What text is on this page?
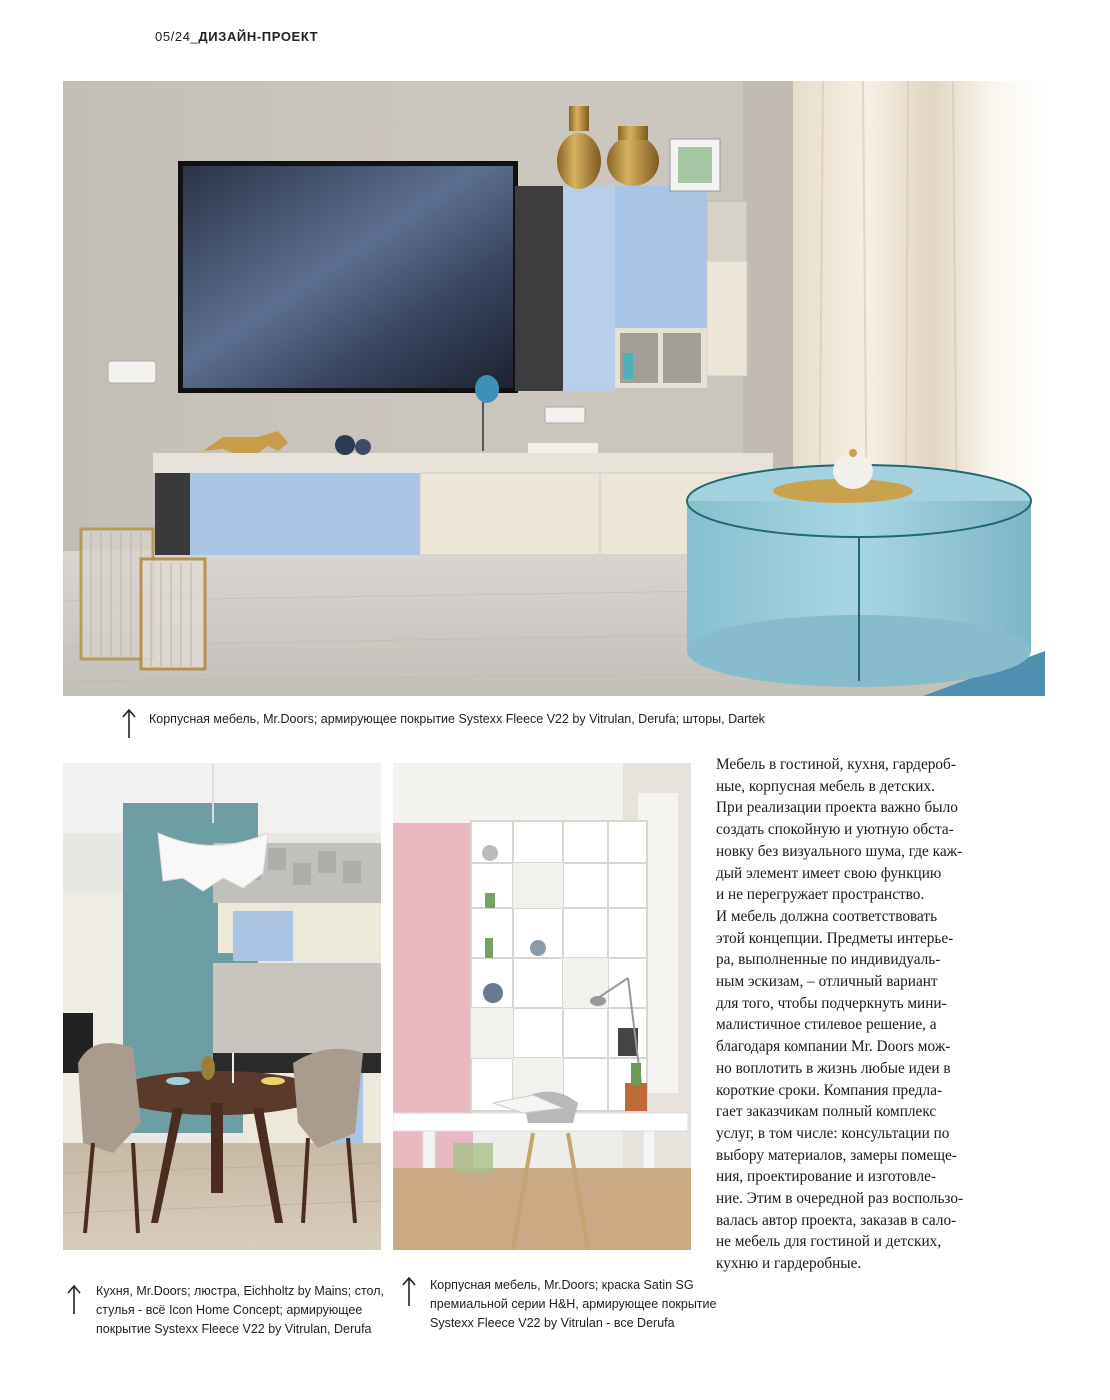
05/24_ДИЗАЙН-ПРОЕКТ
Корпусная мебель, Mr.Doors; армирующее покрытие Systexx Fleece V22 by Vitrulan, Derufa; шторы, Dartek
Кухня, Mr.Doors; люстра, Eichholtz by Mains; стол,
стулья - всё Icon Home Concept; армирующее
покрытие Systexx Fleece V22 by Vitrulan, Derufa
Корпусная мебель, Mr.Doors; краска Satin SG
премиальной серии H&H, армирующее покрытие
Systexx Fleece V22 by Vitrulan - все Derufa
Мебель в гостиной, кухня, гардероб-
ные, корпусная мебель в детских.
При реализации проекта важно было
создать спокойную и уютную обста-
новку без визуального шума, где каж-
дый элемент имеет свою функцию
и не перегружает пространство.
И мебель должна соответствовать
этой концепции. Предметы интерье-
ра, выполненные по индивидуаль-
ным эскизам, – отличный вариант
для того, чтобы подчеркнуть мини-
малистичное стилевое решение, а
благодаря компании Mr. Doors мож-
но воплотить в жизнь любые идеи в
короткие сроки. Компания предла-
гает заказчикам полный комплекс
услуг, в том числе: консультации по
выбору материалов, замеры помеще-
ния, проектирование и изготовле-
ние. Этим в очередной раз воспользо-
валась автор проекта, заказав в сало-
не мебель для гостиной и детских,
кухню и гардеробные.
